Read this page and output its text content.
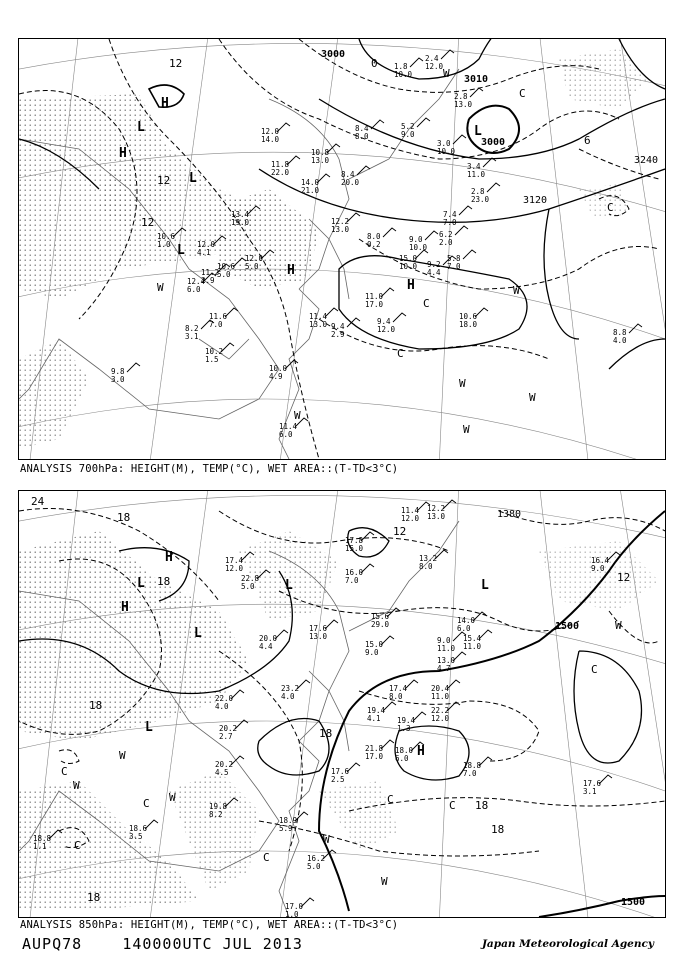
3000
3010
3000
3120
3240
H
L
H
L
L
H
H
L
12
12
12
6
0
C
C
C
W
W
W
W
W
W
W
C
12.0
14.0
10.8
13.0
8.4
8.0
5.2
9.0
3.0
10.0
2.8
13.0
2.4
12.0
1.8
10.0
11.8
22.0
14.0
21.0
8.4
20.0
7.4
7.0
13.4
19.0	12.2
13.0
8.0
0.2
9.0
10.0
6.2
2.0
12.0
4.1
11.2
2.9
12.0
5.0
10.6
5.0
15.0
10.0 9.2
4.4
5.8
7.0
10.6
1.0
12.4
6.0
11.0
17.0
9.4
12.0
10.6
18.0
8.8
4.0
11.6
7.0
8.2
3.1
10.2
1.5
11.4
13.0 9.4
2.9
9.8
3.0
10.0
4.9
11.4
6.0
3.4
11.0
2.8
23.0
ANALYSIS 700hPa: HEIGHT(M), TEMP(°C), WET AREA::(T-TD<3°C)
1380
1500
1500
H
L
H
L
L	L
H
L
24
18
18
18
12
18
C
W
C W
W
C
C
W
W
C
18
18
W
C
12
18
C
11.4
12.0
12.2
13.0
17.8
15.0
16.0
7.0
13.2
8.0
15.6
29.0
15.0
9.0
17.6
13.0
14.0
6.0
15.4
11.0
9.0
11.0
13.0
4.7
20.4
11.0
22.2
12.0
17.4
8.0
19.4
1.3
21.8
17.0
18.0
6.0
18.8
7.0
17.6
3.1
22.0
4.0
20.2
2.7
20.2
4.5
19.8
8.2
18.6
3.5
18.8
1.1
17.6
2.5
18.9
5.9
17.4
12.0
16.4
9.0
19.4
4.1
22.8
5.0
20.0
4.4
23.2
4.0
17.0
1.0
16.2
5.0
ANALYSIS 850hPa: HEIGHT(M), TEMP(°C), WET AREA::(T-TD<3°C)
AUPQ78	140000UTC JUL 2013	Japan Meteorological Agency
